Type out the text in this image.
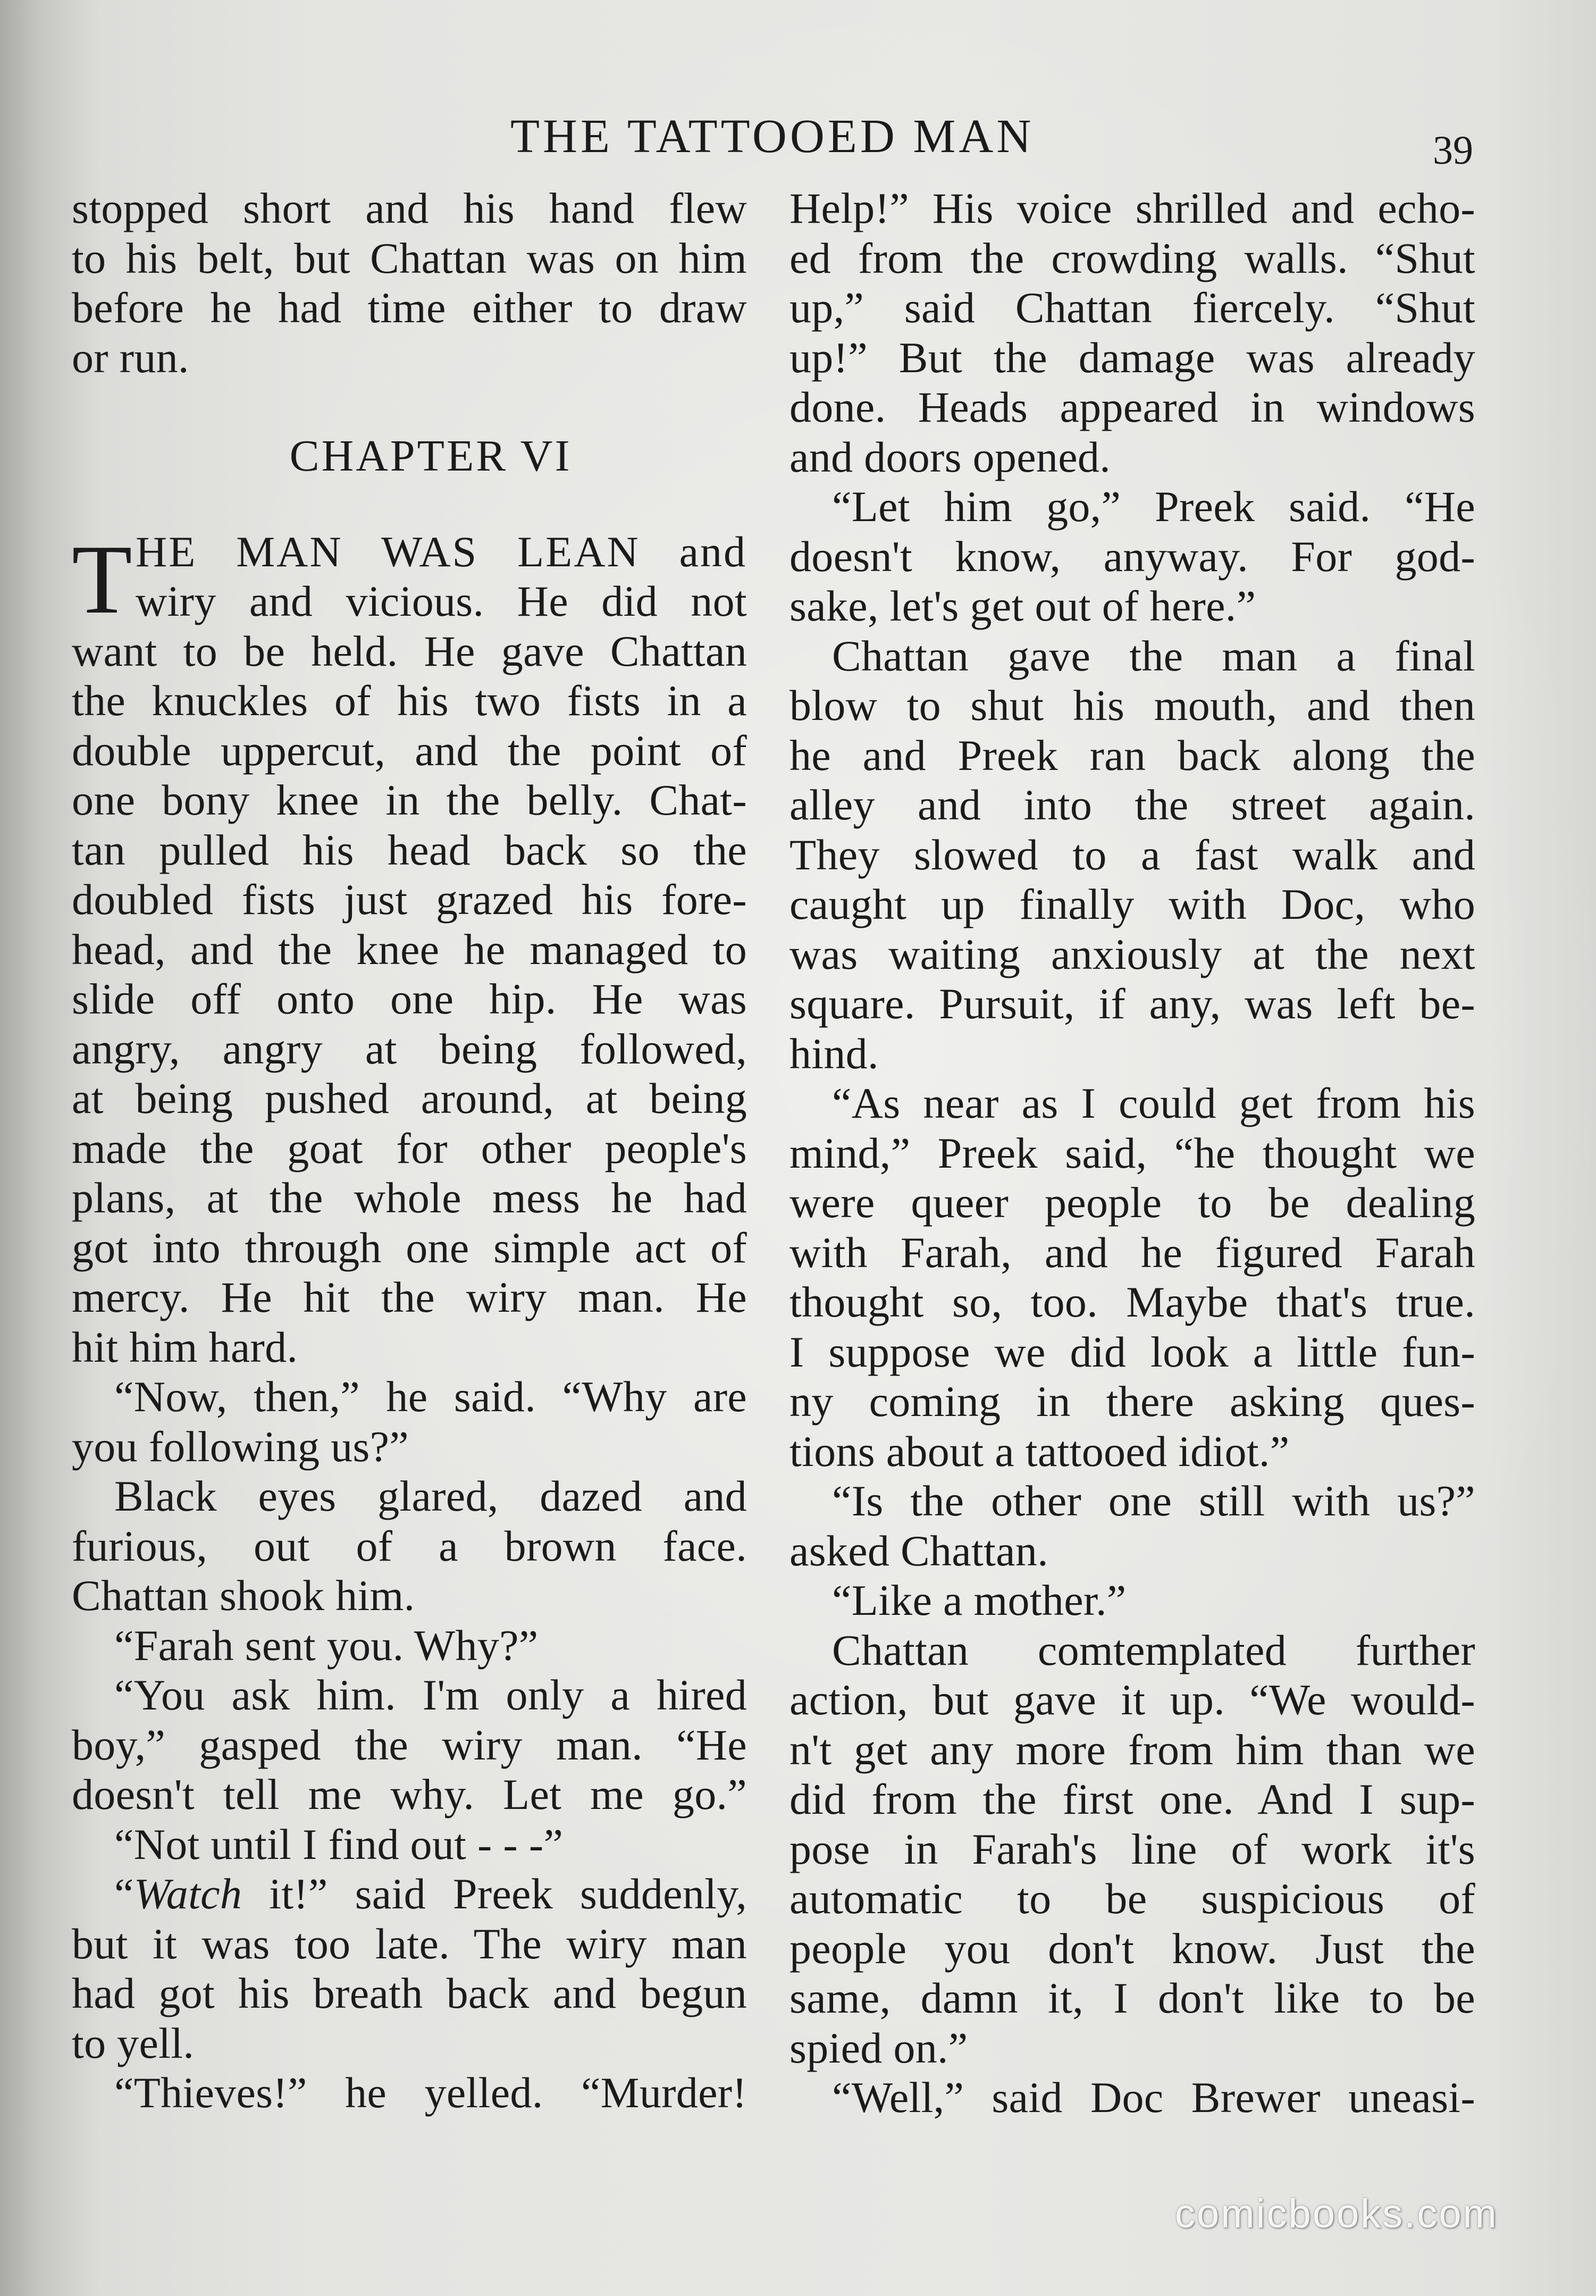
THE TATTOOED MAN	39
stopped short and his hand flew
to his belt, but Chattan was on him
before he had time either to draw
or run.
CHAPTER VI
T HE MAN WAS LEAN and
wiry and vicious. He did not
want to be held. He gave Chattan
the knuckles of his two fists in a
double uppercut, and the point of
one bony knee in the belly. Chat-
tan pulled his head back so the
doubled fists just grazed his fore-
head, and the knee he managed to
slide off onto one hip. He was
angry, angry at being followed,
at being pushed around, at being
made the goat for other people's
plans, at the whole mess he had
got into through one simple act of
mercy. He hit the wiry man. He
hit him hard.
“Now, then,” he said. “Why are
you following us?”
Black eyes glared, dazed and
furious, out of a brown face.
Chattan shook him.
“Farah sent you. Why?”
“You ask him. I'm only a hired
boy,” gasped the wiry man. “He
doesn't tell me why. Let me go.”
“Not until I find out - - -”
“Watch it!” said Preek suddenly,
but it was too late. The wiry man
had got his breath back and begun
to yell.
“Thieves!” he yelled. “Murder!
Help!” His voice shrilled and echo-
ed from the crowding walls. “Shut
up,” said Chattan fiercely. “Shut
up!” But the damage was already
done. Heads appeared in windows
and doors opened.
“Let him go,” Preek said. “He
doesn't know, anyway. For god-
sake, let's get out of here.”
Chattan gave the man a final
blow to shut his mouth, and then
he and Preek ran back along the
alley and into the street again.
They slowed to a fast walk and
caught up finally with Doc, who
was waiting anxiously at the next
square. Pursuit, if any, was left be-
hind.
“As near as I could get from his
mind,” Preek said, “he thought we
were queer people to be dealing
with Farah, and he figured Farah
thought so, too. Maybe that's true.
I suppose we did look a little fun-
ny coming in there asking ques-
tions about a tattooed idiot.”
“Is the other one still with us?”
asked Chattan.
“Like a mother.”
Chattan comtemplated further
action, but gave it up. “We would-
n't get any more from him than we
did from the first one. And I sup-
pose in Farah's line of work it's
automatic to be suspicious of
people you don't know. Just the
same, damn it, I don't like to be
spied on.”
“Well,” said Doc Brewer uneasi-
comicbooks.com
